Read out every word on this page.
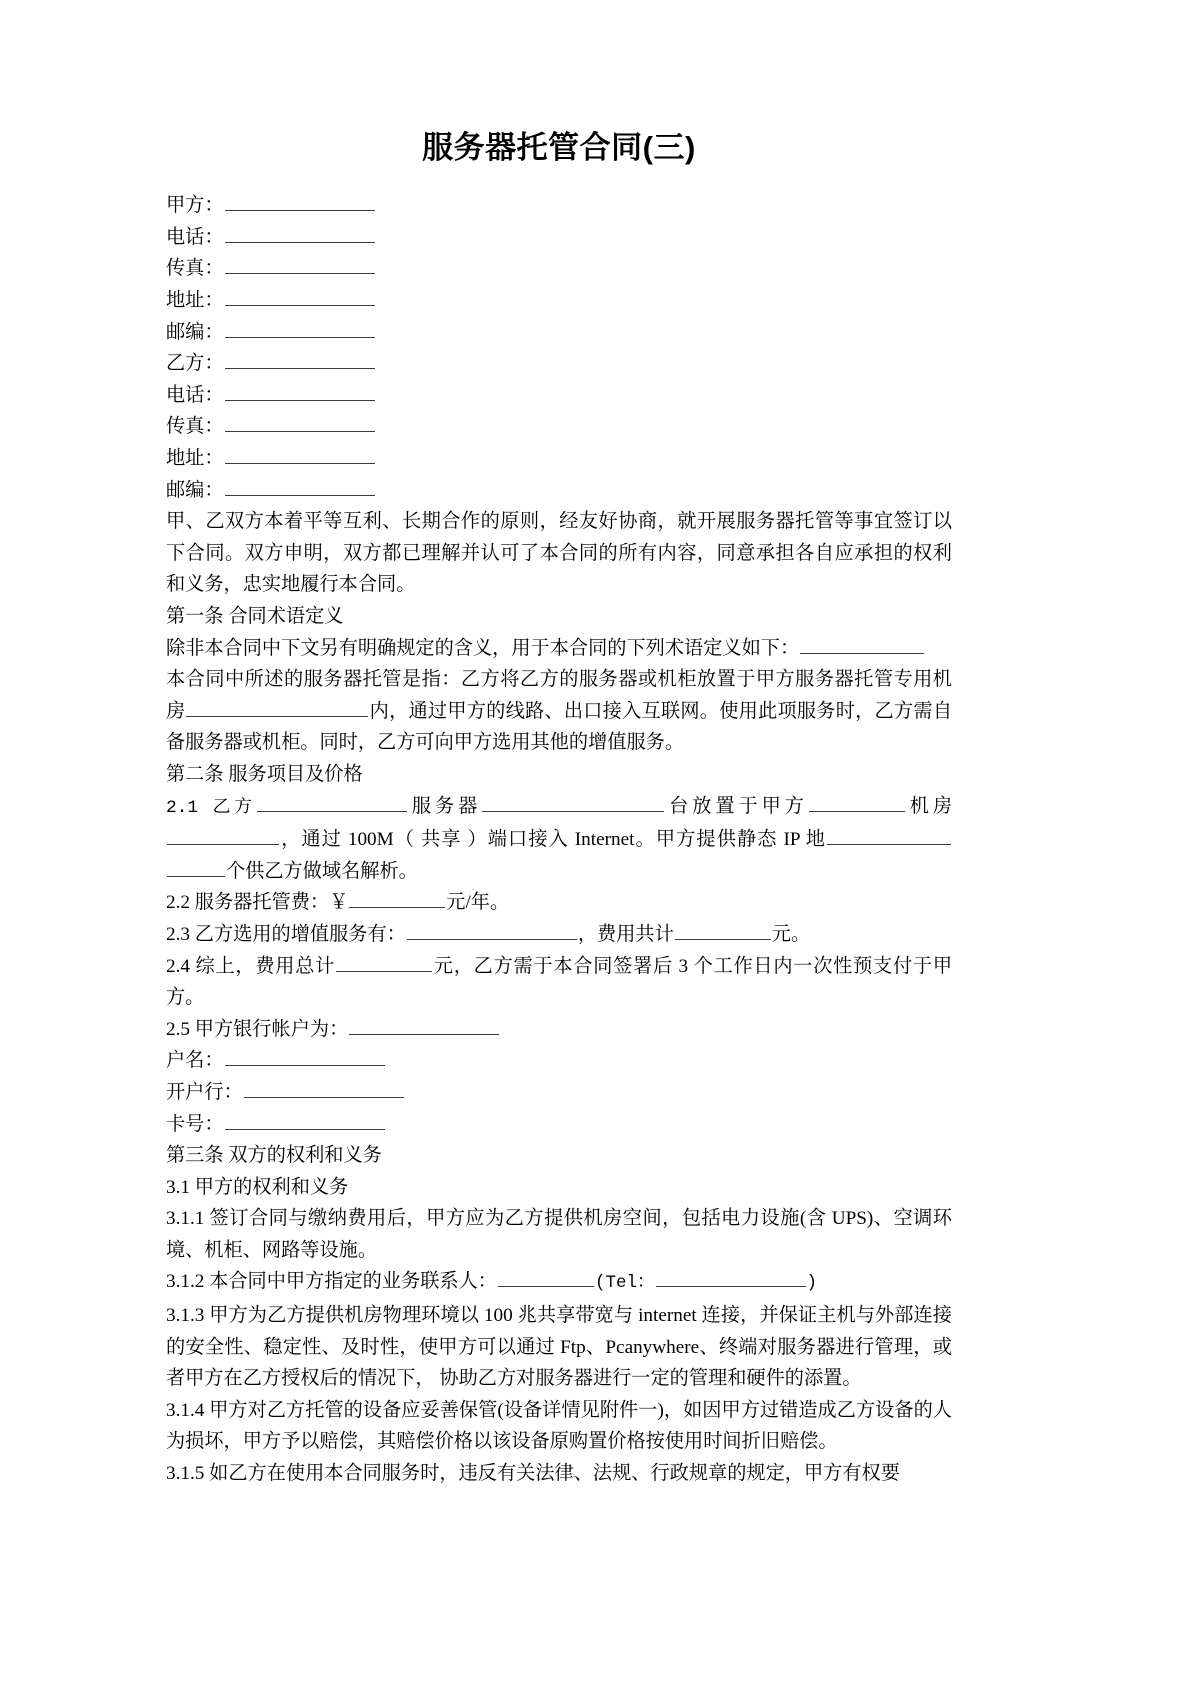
服务器托管合同(三)
甲方：
电话：
传真：
地址：
邮编：
乙方：
电话：
传真：
地址：
邮编：

甲、乙双方本着平等互利、长期合作的原则，经友好协商，就开展服务器托管等事宜签订以下合同。双方申明，双方都已理解并认可了本合同的所有内容，同意承担各自应承担的权利和义务，忠实地履行本合同。

第一条 合同术语定义

除非本合同中下文另有明确规定的含义，用于本合同的下列术语定义如下：

本合同中所述的服务器托管是指：乙方将乙方的服务器或机柜放置于甲方服务器托管专用机房	内，通过甲方的线路、出口接入互联网。使用此项服务时，乙方需自备服务器或机柜。同时，乙方可向甲方选用其他的增值服务。

第二条 服务项目及价格

2.1 乙方	服务器	台放置于甲方	机房，通过 100M（ 共享 ）端口接入 Internet。甲方提供静态 IP 地个供乙方做域名解析。

2.2 服务器托管费：￥	元/年。

2.3 乙方选用的增值服务有：	，费用共计	元。

2.4 综上，费用总计	元，乙方需于本合同签署后 3 个工作日内一次性预支付于甲方。

2.5 甲方银行帐户为：

户名：
开户行：
卡号：

第三条 双方的权利和义务

3.1 甲方的权利和义务

3.1.1 签订合同与缴纳费用后，甲方应为乙方提供机房空间，包括电力设施(含 UPS)、空调环境、机柜、网路等设施。

3.1.2 本合同中甲方指定的业务联系人：	(Tel：	)

3.1.3 甲方为乙方提供机房物理环境以 100 兆共享带宽与 internet 连接，并保证主机与外部连接的安全性、稳定性、及时性，使甲方可以通过 Ftp、Pcanywhere、终端对服务器进行管理，或者甲方在乙方授权后的情况下， 协助乙方对服务器进行一定的管理和硬件的添置。

3.1.4 甲方对乙方托管的设备应妥善保管(设备详情见附件一)，如因甲方过错造成乙方设备的人为损坏，甲方予以赔偿，其赔偿价格以该设备原购置价格按使用时间折旧赔偿。

3.1.5 如乙方在使用本合同服务时，违反有关法律、法规、行政规章的规定，甲方有权要
